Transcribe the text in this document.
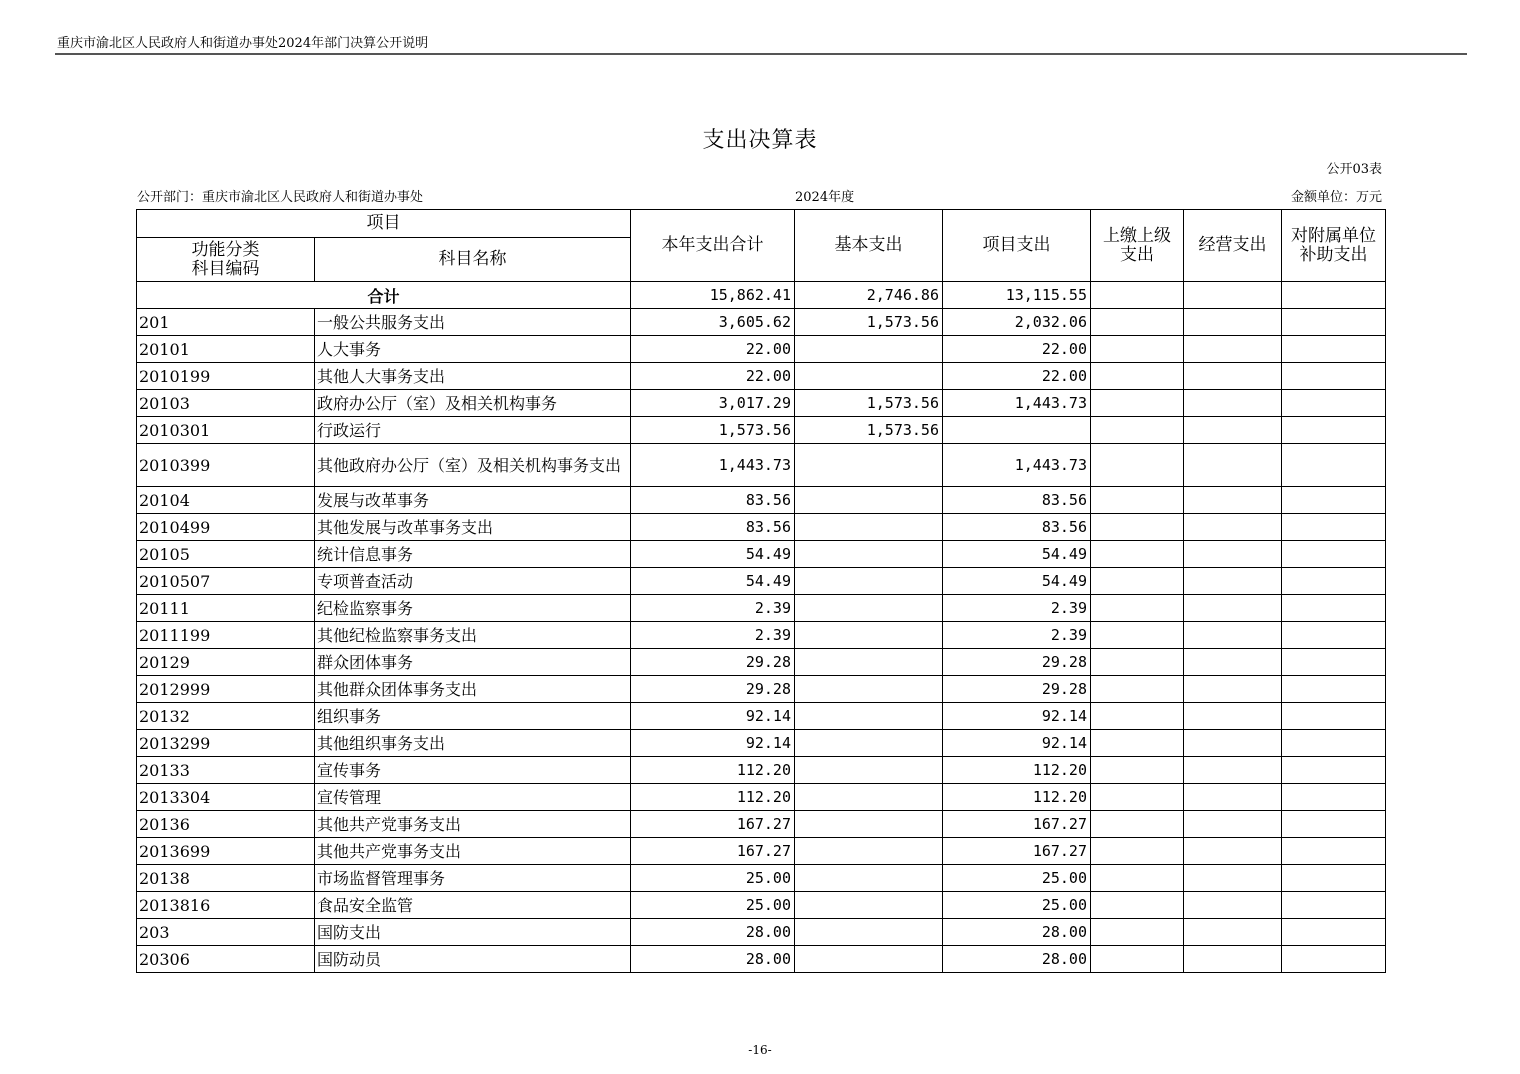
重庆市渝北区人民政府人和街道办事处2024年部门决算公开说明
支出决算表
公开03表
公开部门：重庆市渝北区人民政府人和街道办事处	2024年度	金额单位：万元
项目		本年支出合计	基本支出	项目支出	上缴上级 支出	经营支出	对附属单位 补助支出
功能分类
科目编码	科目名称						
合计		15,862.41	2,746.86	13,115.55			
201	一般公共服务支出	3,605.62	1,573.56	2,032.06			
20101	人大事务	22.00		22.00			
2010199	其他人大事务支出	22.00		22.00			
20103	政府办公厅（室）及相关机构事务	3,017.29	1,573.56	1,443.73			
2010301	行政运行	1,573.56	1,573.56				
2010399	其他政府办公厅（室）及相关机构事务支出	1,443.73		1,443.73			
20104	发展与改革事务	83.56		83.56			
2010499	其他发展与改革事务支出	83.56		83.56			
20105	统计信息事务	54.49		54.49			
2010507	专项普查活动	54.49		54.49			
20111	纪检监察事务	2.39		2.39			
2011199	其他纪检监察事务支出	2.39		2.39			
20129	群众团体事务	29.28		29.28			
2012999	其他群众团体事务支出	29.28		29.28			
20132	组织事务	92.14		92.14			
2013299	其他组织事务支出	92.14		92.14			
20133	宣传事务	112.20		112.20			
2013304	宣传管理	112.20		112.20			
20136	其他共产党事务支出	167.27		167.27			
2013699	其他共产党事务支出	167.27		167.27			
20138	市场监督管理事务	25.00		25.00			
2013816	食品安全监管	25.00		25.00			
203	国防支出	28.00		28.00			
20306	国防动员	28.00		28.00			
-16-
